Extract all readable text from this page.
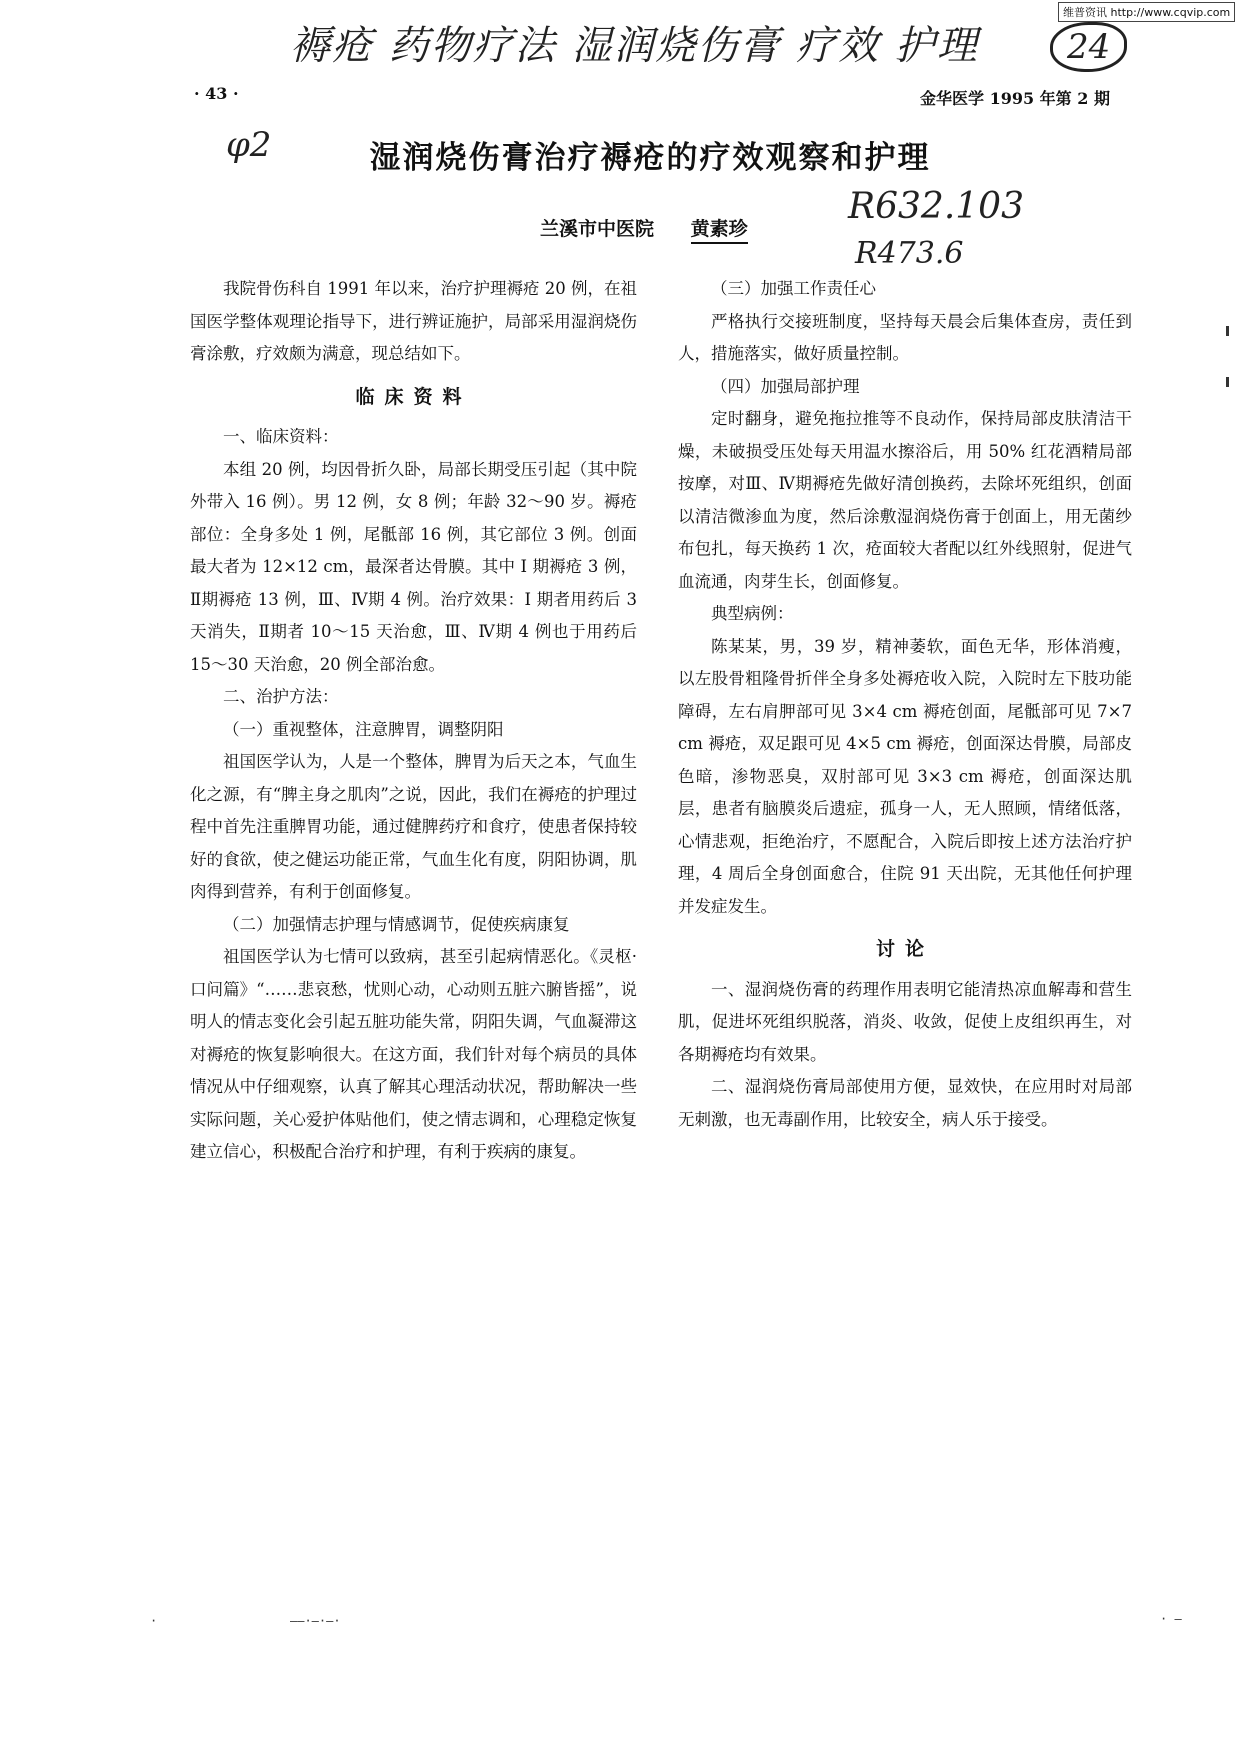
褥疮 药物疗法 湿润烧伤膏 疗效 护理	24
维普资讯 http://www.cqvip.com
· 43 ·	金华医学 1995 年第 2 期
φ2	湿润烧伤膏治疗褥疮的疗效观察和护理
兰溪市中医院 黄素珍
R632.103
R473.6

我院骨伤科自 1991 年以来，治疗护理褥疮 20 例，在祖国医学整体观理论指导下，进行辨证施护，局部采用湿润烧伤膏涂敷，疗效颇为满意，现总结如下。

临床资料

一、临床资料：

本组 20 例，均因骨折久卧，局部长期受压引起（其中院外带入 16 例）。男 12 例，女 8 例；年龄 32～90 岁。褥疮部位：全身多处 1 例，尾骶部 16 例，其它部位 3 例。创面最大者为 12×12 cm，最深者达骨膜。其中 I 期褥疮 3 例，Ⅱ期褥疮 13 例，Ⅲ、Ⅳ期 4 例。治疗效果：I 期者用药后 3 天消失，Ⅱ期者 10～15 天治愈，Ⅲ、Ⅳ期 4 例也于用药后 15～30 天治愈，20 例全部治愈。

二、治护方法：

（一）重视整体，注意脾胃，调整阴阳

祖国医学认为，人是一个整体，脾胃为后天之本，气血生化之源，有“脾主身之肌肉”之说，因此，我们在褥疮的护理过程中首先注重脾胃功能，通过健脾药疗和食疗，使患者保持较好的食欲，使之健运功能正常，气血生化有度，阴阳协调，肌肉得到营养，有利于创面修复。

（二）加强情志护理与情感调节，促使疾病康复

祖国医学认为七情可以致病，甚至引起病情恶化。《灵枢·口问篇》“……悲哀愁，忧则心动，心动则五脏六腑皆摇”，说明人的情志变化会引起五脏功能失常，阴阳失调，气血凝滞这对褥疮的恢复影响很大。在这方面，我们针对每个病员的具体情况从中仔细观察，认真了解其心理活动状况，帮助解决一些实际问题，关心爱护体贴他们，使之情志调和，心理稳定恢复建立信心，积极配合治疗和护理，有利于疾病的康复。

（三）加强工作责任心

严格执行交接班制度，坚持每天晨会后集体查房，责任到人，措施落实，做好质量控制。

（四）加强局部护理

定时翻身，避免拖拉推等不良动作，保持局部皮肤清洁干燥，未破损受压处每天用温水擦浴后，用 50% 红花酒精局部按摩，对Ⅲ、Ⅳ期褥疮先做好清创换药，去除坏死组织，创面以清洁微渗血为度，然后涂敷湿润烧伤膏于创面上，用无菌纱布包扎，每天换药 1 次，疮面较大者配以红外线照射，促进气血流通，肉芽生长，创面修复。

典型病例：

陈某某，男，39 岁，精神萎软，面色无华，形体消瘦，以左股骨粗隆骨折伴全身多处褥疮收入院，入院时左下肢功能障碍，左右肩胛部可见 3×4 cm 褥疮创面，尾骶部可见 7×7 cm 褥疮，双足跟可见 4×5 cm 褥疮，创面深达骨膜，局部皮色暗，渗物恶臭，双肘部可见 3×3 cm 褥疮，创面深达肌层，患者有脑膜炎后遗症，孤身一人，无人照顾，情绪低落，心情悲观，拒绝治疗，不愿配合，入院后即按上述方法治疗护理，4 周后全身创面愈合，住院 91 天出院，无其他任何护理并发症发生。

讨论

一、湿润烧伤膏的药理作用表明它能清热凉血解毒和营生肌，促进坏死组织脱落，消炎、收敛，促使上皮组织再生，对各期褥疮均有效果。

二、湿润烧伤膏局部使用方便，显效快，在应用时对局部无刺激，也无毒副作用，比较安全，病人乐于接受。

·	——·—·—·	· —
